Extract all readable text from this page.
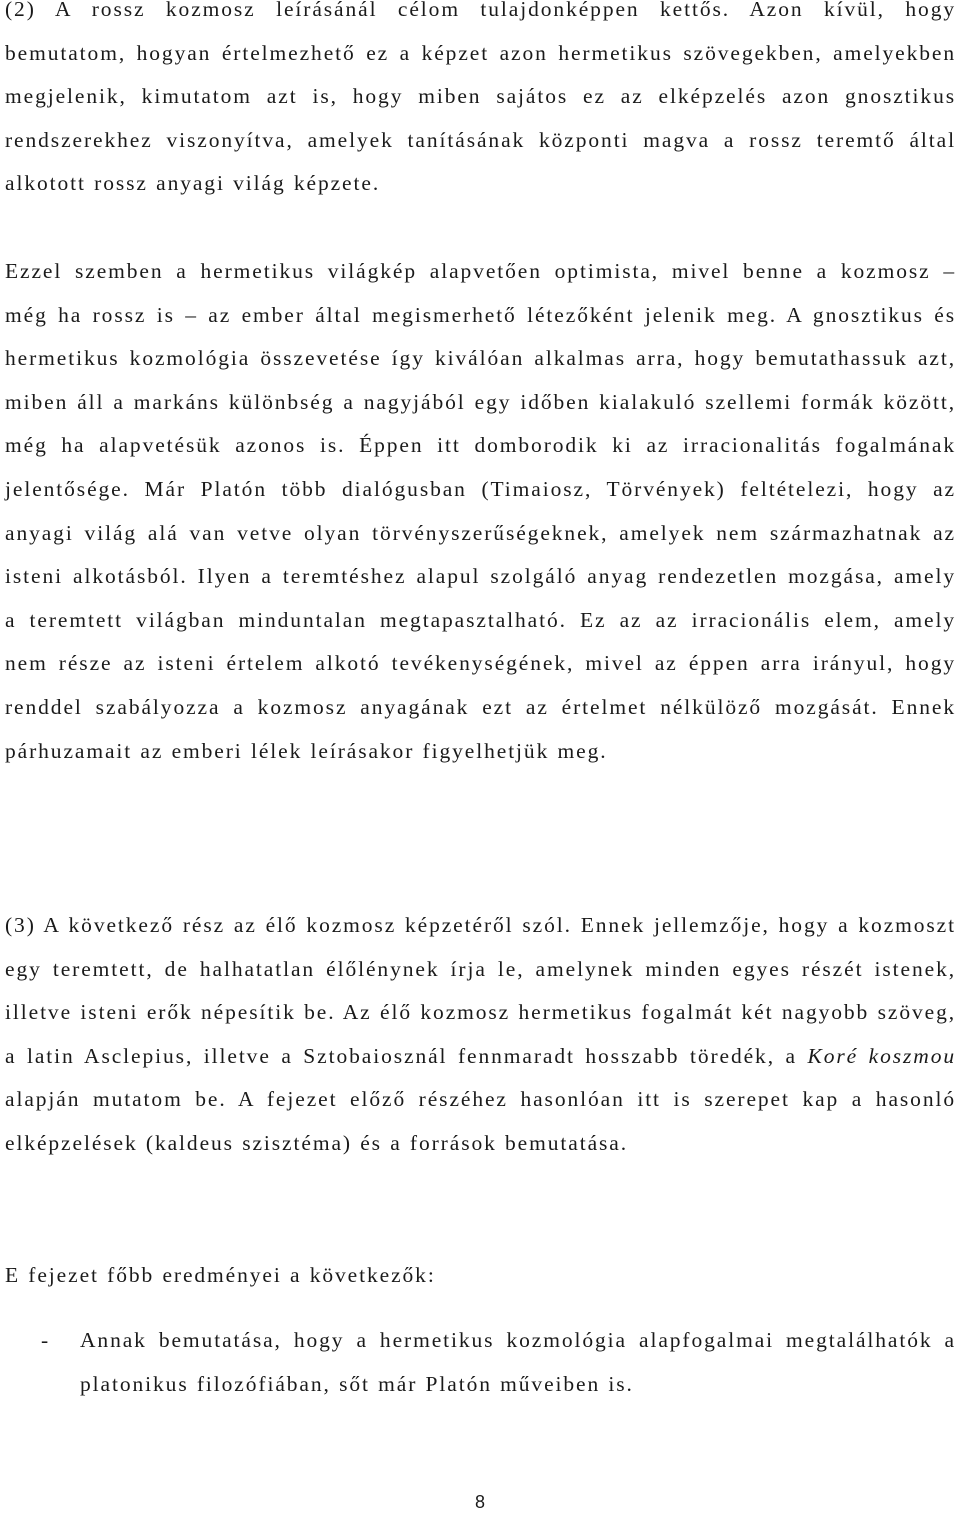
(2) A rossz kozmosz leírásánál célom tulajdonképpen kettős. Azon kívül, hogy bemutatom, hogyan értelmezhető ez a képzet azon hermetikus szövegekben, amelyekben megjelenik, kimutatom azt is, hogy miben sajátos ez az elképzelés azon gnosztikus rendszerekhez viszonyítva, amelyek tanításának központi magva a rossz teremtő által alkotott rossz anyagi világ képzete.

Ezzel szemben a hermetikus világkép alapvetően optimista, mivel benne a kozmosz – még ha rossz is – az ember által megismerhető létezőként jelenik meg. A gnosztikus és hermetikus kozmológia összevetése így kiválóan alkalmas arra, hogy bemutathassuk azt, miben áll a markáns különbség a nagyjából egy időben kialakuló szellemi formák között, még ha alapvetésük azonos is. Éppen itt domborodik ki az irracionalitás fogalmának jelentősége. Már Platón több dialógusban (Timaiosz, Törvények) feltételezi, hogy az anyagi világ alá van vetve olyan törvényszerűségeknek, amelyek nem származhatnak az isteni alkotásból. Ilyen a teremtéshez alapul szolgáló anyag rendezetlen mozgása, amely a teremtett világban minduntalan megtapasztalható. Ez az az irracionális elem, amely nem része az isteni értelem alkotó tevékenységének, mivel az éppen arra irányul, hogy renddel szabályozza a kozmosz anyagának ezt az értelmet nélkülöző mozgását. Ennek párhuzamait az emberi lélek leírásakor figyelhetjük meg.

(3) A következő rész az élő kozmosz képzetéről szól. Ennek jellemzője, hogy a kozmoszt egy teremtett, de halhatatlan élőlénynek írja le, amelynek minden egyes részét istenek, illetve isteni erők népesítik be. Az élő kozmosz hermetikus fogalmát két nagyobb szöveg, a latin Asclepius, illetve a Sztobaiosznál fennmaradt hosszabb töredék, a Koré koszmou alapján mutatom be. A fejezet előző részéhez hasonlóan itt is szerepet kap a hasonló elképzelések (kaldeus szisztéma) és a források bemutatása.

E fejezet főbb eredményei a következők:

- Annak bemutatása, hogy a hermetikus kozmológia alapfogalmai megtalálhatók a platonikus filozófiában, sőt már Platón műveiben is.

8
